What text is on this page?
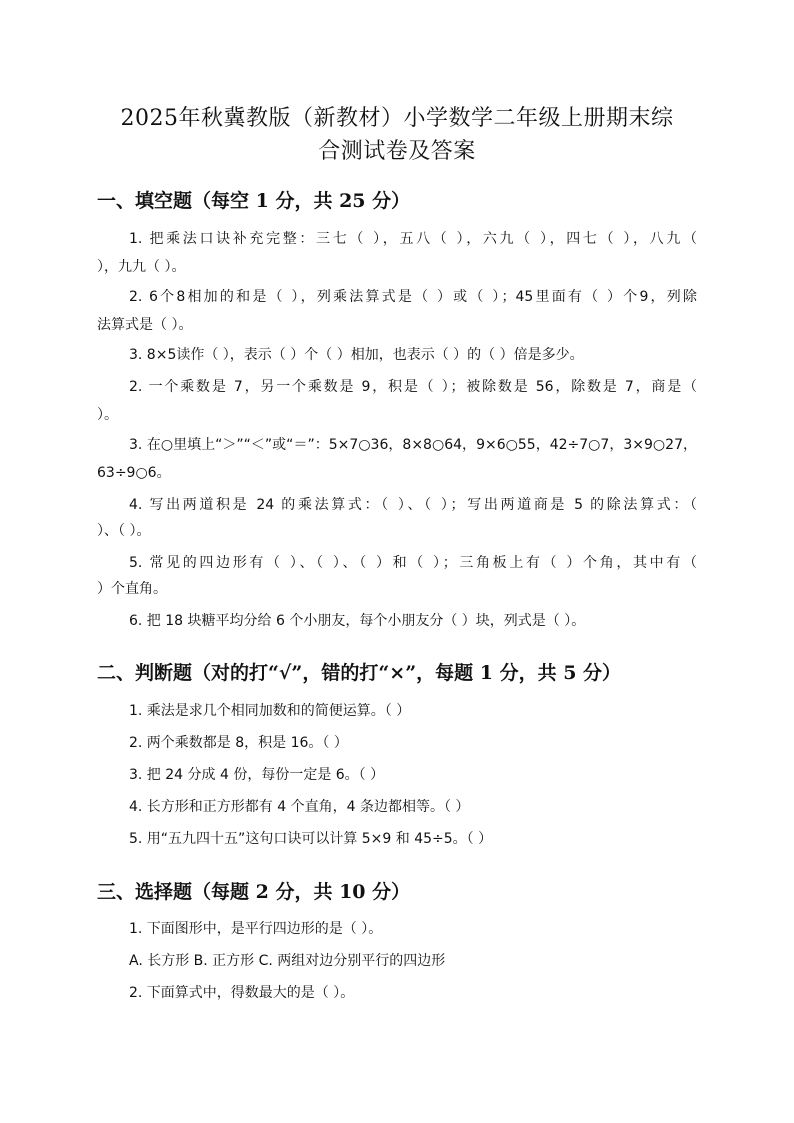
2025年秋冀教版（新教材）小学数学二年级上册期末综
合测试卷及答案
一、填空题（每空 1 分，共 25 分）
1. 把乘法口诀补充完整：三七（ ），五八（ ），六九（ ），四七（ ），八九（
），九九（ ）。
2. 6个8相加的和是（ ），列乘法算式是（ ）或（ ）；45里面有（ ）个9，列除
法算式是（ ）。
3. 8×5读作（ ），表示（ ）个（ ）相加，也表示（ ）的（ ）倍是多少。
2. 一个乘数是 7，另一个乘数是 9，积是（ ）；被除数是 56，除数是 7，商是（
）。
3. 在○里填上“＞”“＜”或“＝”：5×7○36，8×8○64，9×6○55，42÷7○7，3×9○27，
63÷9○6。
4. 写出两道积是 24 的乘法算式：（ ）、（ ）；写出两道商是 5 的除法算式：（
）、（ ）。
5. 常见的四边形有（ ）、（ ）、（ ）和（ ）；三角板上有（ ）个角，其中有（
）个直角。
6. 把 18 块糖平均分给 6 个小朋友，每个小朋友分（ ）块，列式是（ ）。
二、判断题（对的打“√”，错的打“×”，每题 1 分，共 5 分）
1. 乘法是求几个相同加数和的简便运算。（ ）
2. 两个乘数都是 8，积是 16。（ ）
3. 把 24 分成 4 份，每份一定是 6。（ ）
4. 长方形和正方形都有 4 个直角，4 条边都相等。（ ）
5. 用“五九四十五”这句口诀可以计算 5×9 和 45÷5。（ ）
三、选择题（每题 2 分，共 10 分）
1. 下面图形中，是平行四边形的是（ ）。
A. 长方形 B. 正方形 C. 两组对边分别平行的四边形
2. 下面算式中，得数最大的是（ ）。
